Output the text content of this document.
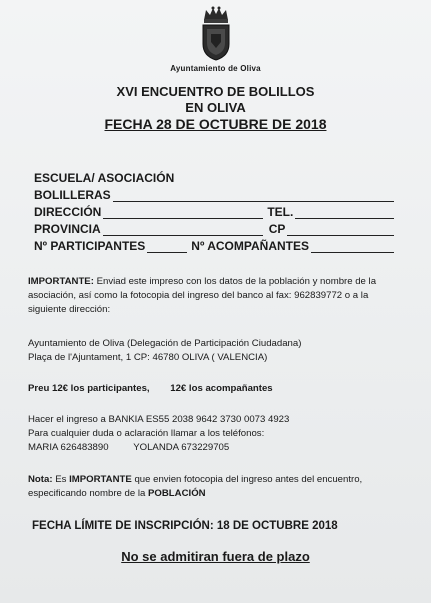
Ayuntamiento de Oliva
XVI ENCUENTRO DE BOLILLOS
EN OLIVA
FECHA 28 DE OCTUBRE DE 2018
ESCUELA/ ASOCIACIÓN
BOLILLERAS
DIRECCIÓN	TEL.
PROVINCIA	CP
Nº PARTICIPANTES	Nº ACOMPAÑANTES
IMPORTANTE: Enviad este impreso con los datos de la población y nombre de la asociación, así como la fotocopia del ingreso del banco al fax: 962839772 o a la siguiente dirección:
Ayuntamiento de Oliva (Delegación de Participación Ciudadana)
Plaça de l'Ajuntament, 1 CP: 46780 OLIVA ( VALENCIA)
Preu 12€ los participantes, 12€ los acompañantes
Hacer el ingreso a BANKIA ES55 2038 9642 3730 0073 4923
Para cualquier duda o aclaración llamar a los teléfonos:
MARIA 626483890	YOLANDA 673229705
Nota: Es IMPORTANTE que envien fotocopia del ingreso antes del encuentro, especificando nombre de la POBLACIÓN
FECHA LÍMITE DE INSCRIPCIÓN: 18 DE OCTUBRE 2018
No se admitiran fuera de plazo
